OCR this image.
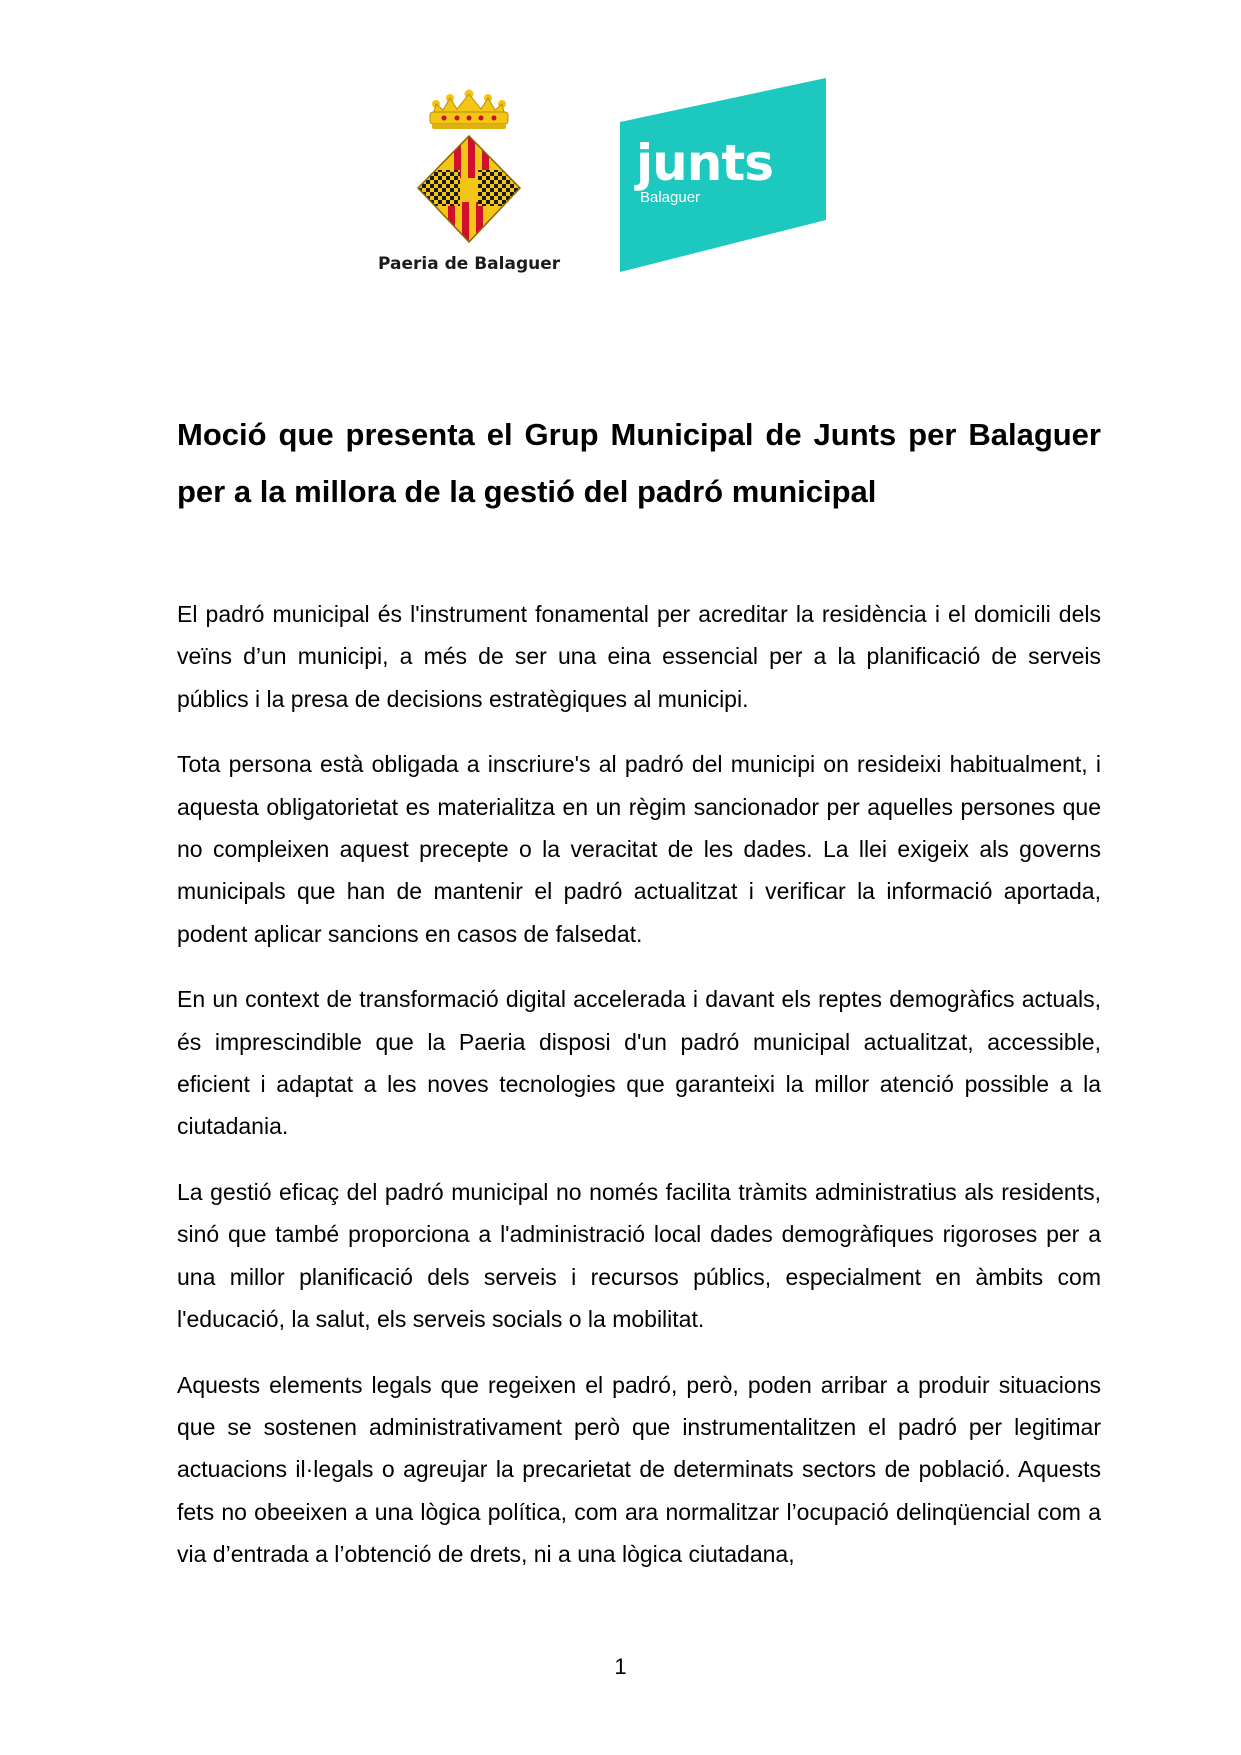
Paeria de Balaguer
junts
Balaguer
Moció que presenta el Grup Municipal de Junts per Balaguer per a la millora de la gestió del padró municipal

El padró municipal és l'instrument fonamental per acreditar la residència i el domicili dels veïns d’un municipi, a més de ser una eina essencial per a la planificació de serveis públics i la presa de decisions estratègiques al municipi.

Tota persona està obligada a inscriure's al padró del municipi on resideixi habitualment, i aquesta obligatorietat es materialitza en un règim sancionador per aquelles persones que no compleixen aquest precepte o la veracitat de les dades. La llei exigeix als governs municipals que han de mantenir el padró actualitzat i verificar la informació aportada, podent aplicar sancions en casos de falsedat.

En un context de transformació digital accelerada i davant els reptes demogràfics actuals, és imprescindible que la Paeria disposi d'un padró municipal actualitzat, accessible, eficient i adaptat a les noves tecnologies que garanteixi la millor atenció possible a la ciutadania.

La gestió eficaç del padró municipal no només facilita tràmits administratius als residents, sinó que també proporciona a l'administració local dades demogràfiques rigoroses per a una millor planificació dels serveis i recursos públics, especialment en àmbits com l'educació, la salut, els serveis socials o la mobilitat.

Aquests elements legals que regeixen el padró, però, poden arribar a produir situacions que se sostenen administrativament però que instrumentalitzen el padró per legitimar actuacions il·legals o agreujar la precarietat de determinats sectors de població. Aquests fets no obeeixen a una lògica política, com ara normalitzar l’ocupació delinqüencial com a via d’entrada a l’obtenció de drets, ni a una lògica ciutadana,

1
